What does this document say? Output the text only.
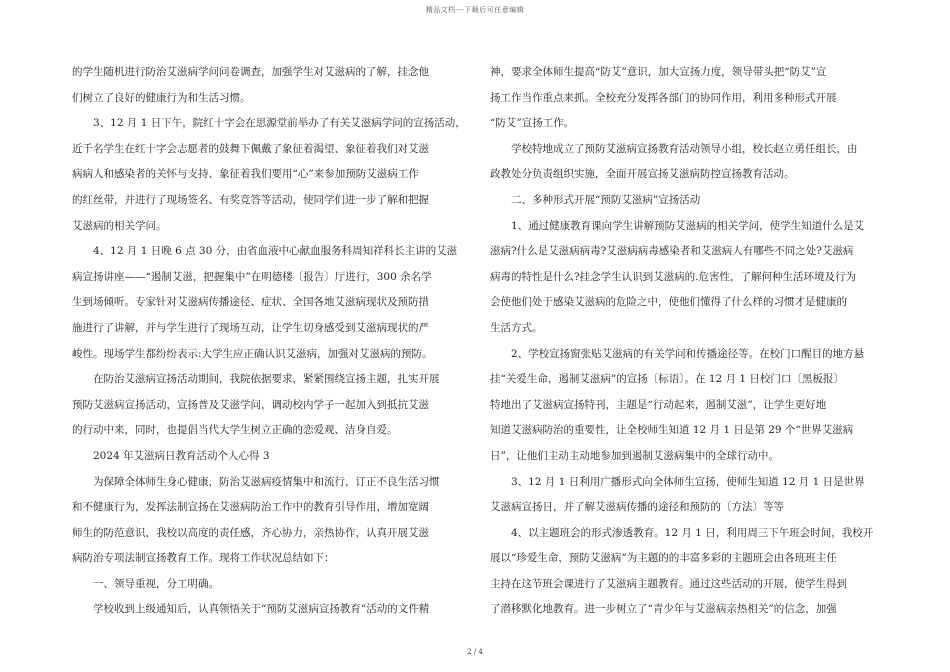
精品文档---下载后可任意编辑
的学生随机进行防治艾滋病学问问卷调查，加强学生对艾滋病的了解，挂念他
们树立了良好的健康行为和生活习惯。
　　3、12 月 1 日下午，院红十字会在思源堂前举办了有关艾滋病学问的宣扬活动，
近千名学生在红十字会志愿者的鼓舞下佩戴了象征着渴望、象征着我们对艾滋
病病人和感染者的关怀与支持、象征着我们要用“心”来参加预防艾滋病工作
的红丝带，并进行了现场签名、有奖竞答等活动，使同学们进一步了解和把握
艾滋病的相关学问。
　　4、12 月 1 日晚 6 点 30 分，由省血液中心献血服务科周知祥科长主讲的艾滋
病宣扬讲座——“遏制艾滋，把握集中”在明德楼〔报告〕厅进行，300 余名学
生到场倾听。专家针对艾滋病传播途径、症状、全国各地艾滋病现状及预防措
施进行了讲解，并与学生进行了现场互动，让学生切身感受到艾滋病现状的严
峻性。现场学生都纷纷表示:大学生应正确认识艾滋病，加强对艾滋病的预防。
　　在防治艾滋病宣扬活动期间，我院依据要求，紧紧围绕宣扬主题，扎实开展
预防艾滋病宣扬活动，宣扬普及艾滋学问，调动校内学子一起加入到抵抗艾滋
的行动中来，同时，也提倡当代大学生树立正确的恋爱观、洁身自爱。
　　2024 年艾滋病日教育活动个人心得 3
　　为保障全体师生身心健康，防治艾滋病疫情集中和流行，订正不良生活习惯
和不健康行为，发挥法制宣扬在艾滋病防治工作中的教育引导作用，增加宽阔
师生的防范意识，我校以高度的责任感，齐心协力，亲热协作，认真开展艾滋
病防治专项法制宣扬教育工作。现将工作状况总结如下：
　　一、领导重视，分工明确。
　　学校收到上级通知后，认真领悟关于“预防艾滋病宣扬教育”活动的文件精
神，要求全体师生提高“防艾”意识，加大宣扬力度，领导带头把“防艾”宣
扬工作当作重点来抓。全校充分发挥各部门的协同作用，利用多种形式开展
“防艾”宣扬工作。
　　学校特地成立了预防艾滋病宣扬教育活动领导小组，校长赵立勇任组长，由
政教处分负责组织实施，全面开展宣扬艾滋病防控宣扬教育活动。
　　二、多种形式开展“预防艾滋病”宣扬活动
　　1、通过健康教育课向学生讲解预防艾滋病的相关学问，使学生知道什么是艾
滋病?什么是艾滋病病毒?艾滋病病毒感染者和艾滋病人有哪些不同之处?艾滋病
病毒的特性是什么?挂念学生认识到艾滋病的.危害性，了解何种生活环境及行为
会使他们处于感染艾滋病的危险之中，使他们懂得了什么样的习惯才是健康的
生活方式。
　　2、学校宣扬窗张贴艾滋病的有关学问和传播途径等。在校门口醒目的地方悬
挂“关爱生命，遏制艾滋病”的宣扬〔标语〕。在 12 月 1 日校门口〔黑板报〕
特地出了艾滋病宣扬特刊，主题是“行动起来，遏制艾滋”，让学生更好地
知道艾滋病防治的重要性，让全校师生知道 12 月 1 日是第 29 个“世界艾滋病
日”，让他们主动主动地参加到遏制艾滋病集中的全球行动中。
　　3、12 月 1 日利用广播形式向全体师生宣扬，使师生知道 12 月 1 日是世界
艾滋病宣扬日，并了解艾滋病传播的途径和预防的〔方法〕等等
　　4、以主题班会的形式渗透教育。12 月 1 日，利用周三下午班会时间，我校开
展以“珍爱生命，预防艾滋病”为主题的的丰富多彩的主题班会由各班班主任
主持在这节班会课进行了艾滋病主题教育。通过这些活动的开展，使学生得到
了潜移默化地教育。进一步树立了“青少年与艾滋病亲热相关”的信念，加强
2 / 4
